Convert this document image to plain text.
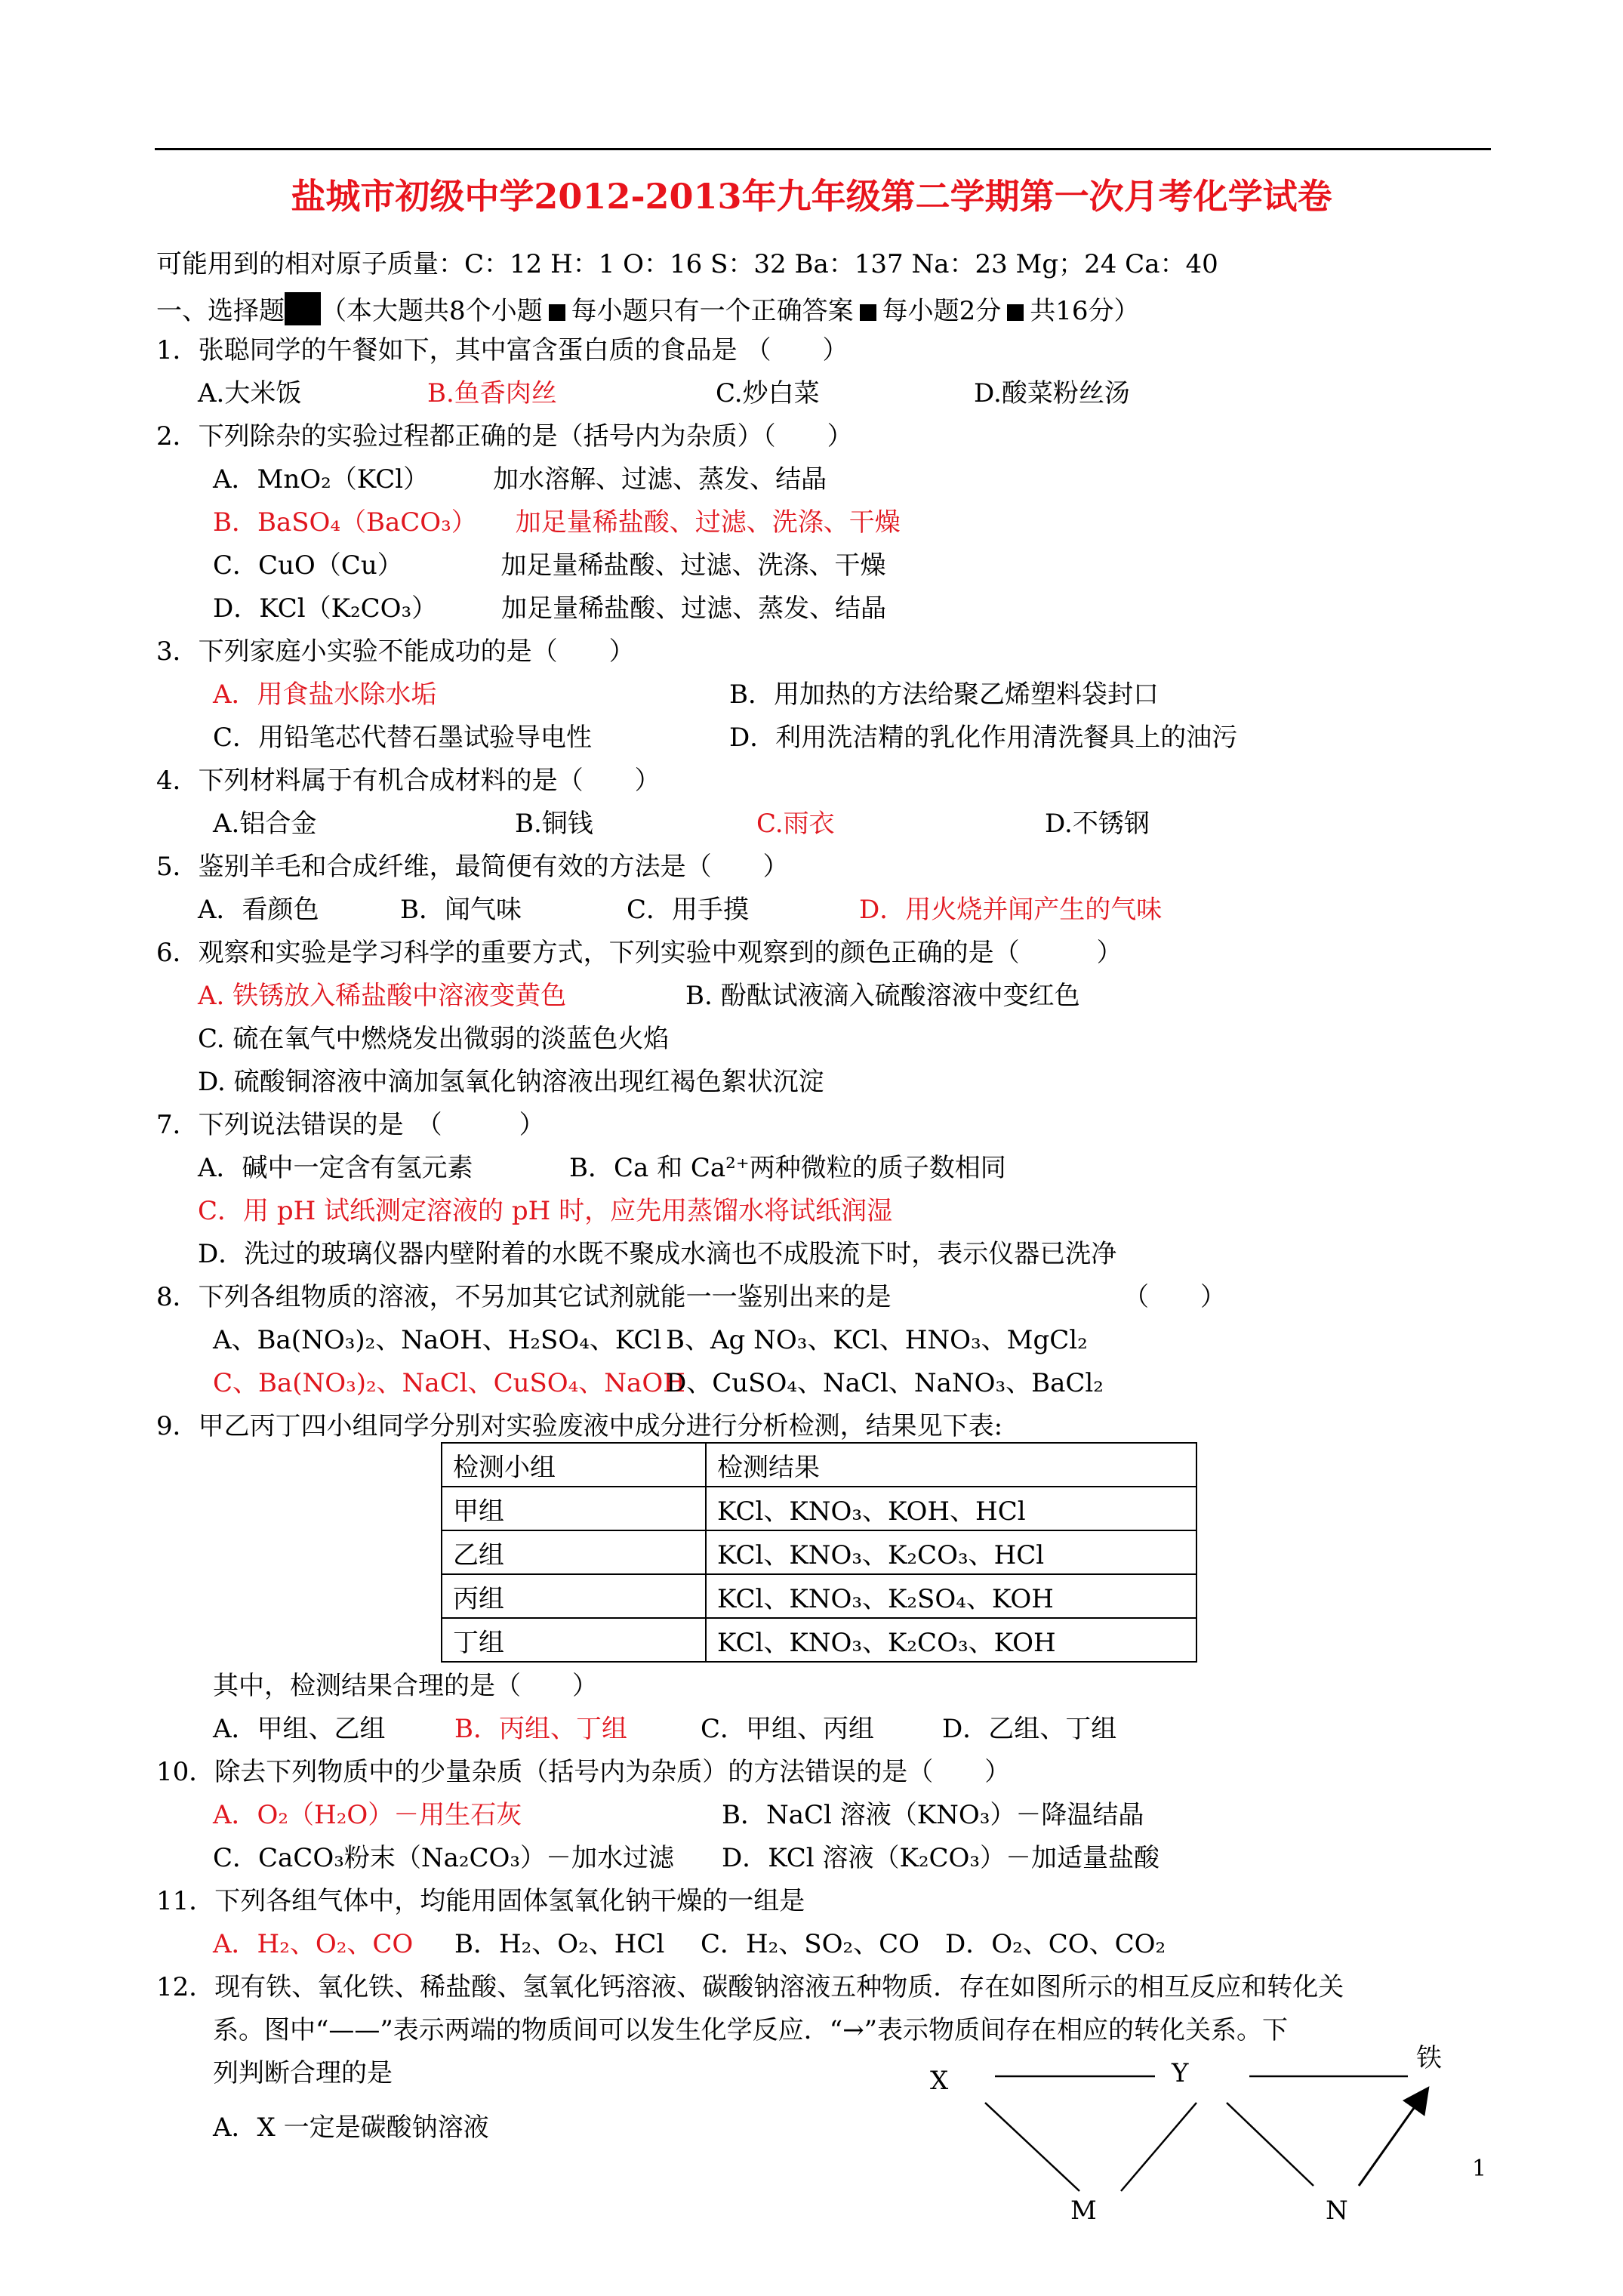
盐城市初级中学2012-2013年九年级第二学期第一次月考化学试卷
可能用到的相对原子质量：C：12 H：1 O：16 S：32 Ba：137 Na：23 Mg；24 Ca：40
一、选择题 （本大题共8个小题 每小题只有一个正确答案 每小题2分 共16分）
1．张聪同学的午餐如下，其中富含蛋白质的食品是 （　　）
A.大米饭	B.鱼香肉丝	C.炒白菜	D.酸菜粉丝汤
2．下列除杂的实验过程都正确的是（括号内为杂质）（　　）
A．MnO₂（KCl）　　　加水溶解、过滤、蒸发、结晶
B．BaSO₄（BaCO₃）　　加足量稀盐酸、过滤、洗涤、干燥
C．CuO（Cu）　　　　 加足量稀盐酸、过滤、洗涤、干燥
D．KCl（K₂CO₃）　　　加足量稀盐酸、过滤、蒸发、结晶
3．下列家庭小实验不能成功的是（　　）
A．用食盐水除水垢	B．用加热的方法给聚乙烯塑料袋封口
C．用铅笔芯代替石墨试验导电性	D．利用洗洁精的乳化作用清洗餐具上的油污
4．下列材料属于有机合成材料的是（　　）
A.铝合金	B.铜钱	C.雨衣	D.不锈钢
5．鉴别羊毛和合成纤维，最简便有效的方法是（　　）
A．看颜色	B．闻气味	C．用手摸	D．用火烧并闻产生的气味
6．观察和实验是学习科学的重要方式，下列实验中观察到的颜色正确的是（　　　）
A. 铁锈放入稀盐酸中溶液变黄色	B. 酚酞试液滴入硫酸溶液中变红色
C. 硫在氧气中燃烧发出微弱的淡蓝色火焰
D. 硫酸铜溶液中滴加氢氧化钠溶液出现红褐色絮状沉淀
7．下列说法错误的是　（　　　）
A．碱中一定含有氢元素	B．Ca 和 Ca²⁺两种微粒的质子数相同
C．用 pH 试纸测定溶液的 pH 时，应先用蒸馏水将试纸润湿
D．洗过的玻璃仪器内壁附着的水既不聚成水滴也不成股流下时，表示仪器已洗净
8．下列各组物质的溶液，不另加其它试剂就能一一鉴别出来的是	（　　）
A、Ba(NO₃)₂、NaOH、H₂SO₄、KCl B、Ag NO₃、KCl、HNO₃、MgCl₂
C、Ba(NO₃)₂、NaCl、CuSO₄、NaOH
D、CuSO₄、NaCl、NaNO₃、BaCl₂
9．甲乙丙丁四小组同学分别对实验废液中成分进行分析检测，结果见下表:
检测小组	检测结果
甲组	KCl、KNO₃、KOH、HCl
乙组	KCl、KNO₃、K₂CO₃、HCl
丙组	KCl、KNO₃、K₂SO₄、KOH
丁组	KCl、KNO₃、K₂CO₃、KOH
其中，检测结果合理的是（　　）
A．甲组、乙组	B．丙组、丁组	C．甲组、丙组	D．乙组、丁组
10．除去下列物质中的少量杂质（括号内为杂质）的方法错误的是（　　）
A．O₂（H₂O）－用生石灰	B．NaCl 溶液（KNO₃）－降温结晶
C．CaCO₃粉末（Na₂CO₃）－加水过滤 D．KCl 溶液（K₂CO₃）－加适量盐酸
11．下列各组气体中，均能用固体氢氧化钠干燥的一组是
A．H₂、O₂、CO B．H₂、O₂、HCl C．H₂、SO₂、CO D．O₂、CO、CO₂
12．现有铁、氧化铁、稀盐酸、氢氧化钙溶液、碳酸钠溶液五种物质．存在如图所示的相互反应和转化关
系。图中“——”表示两端的物质间可以发生化学反应．“→”表示物质间存在相应的转化关系。下
列判断合理的是
A．X 一定是碳酸钠溶液
X	Y	铁
M	N
1
